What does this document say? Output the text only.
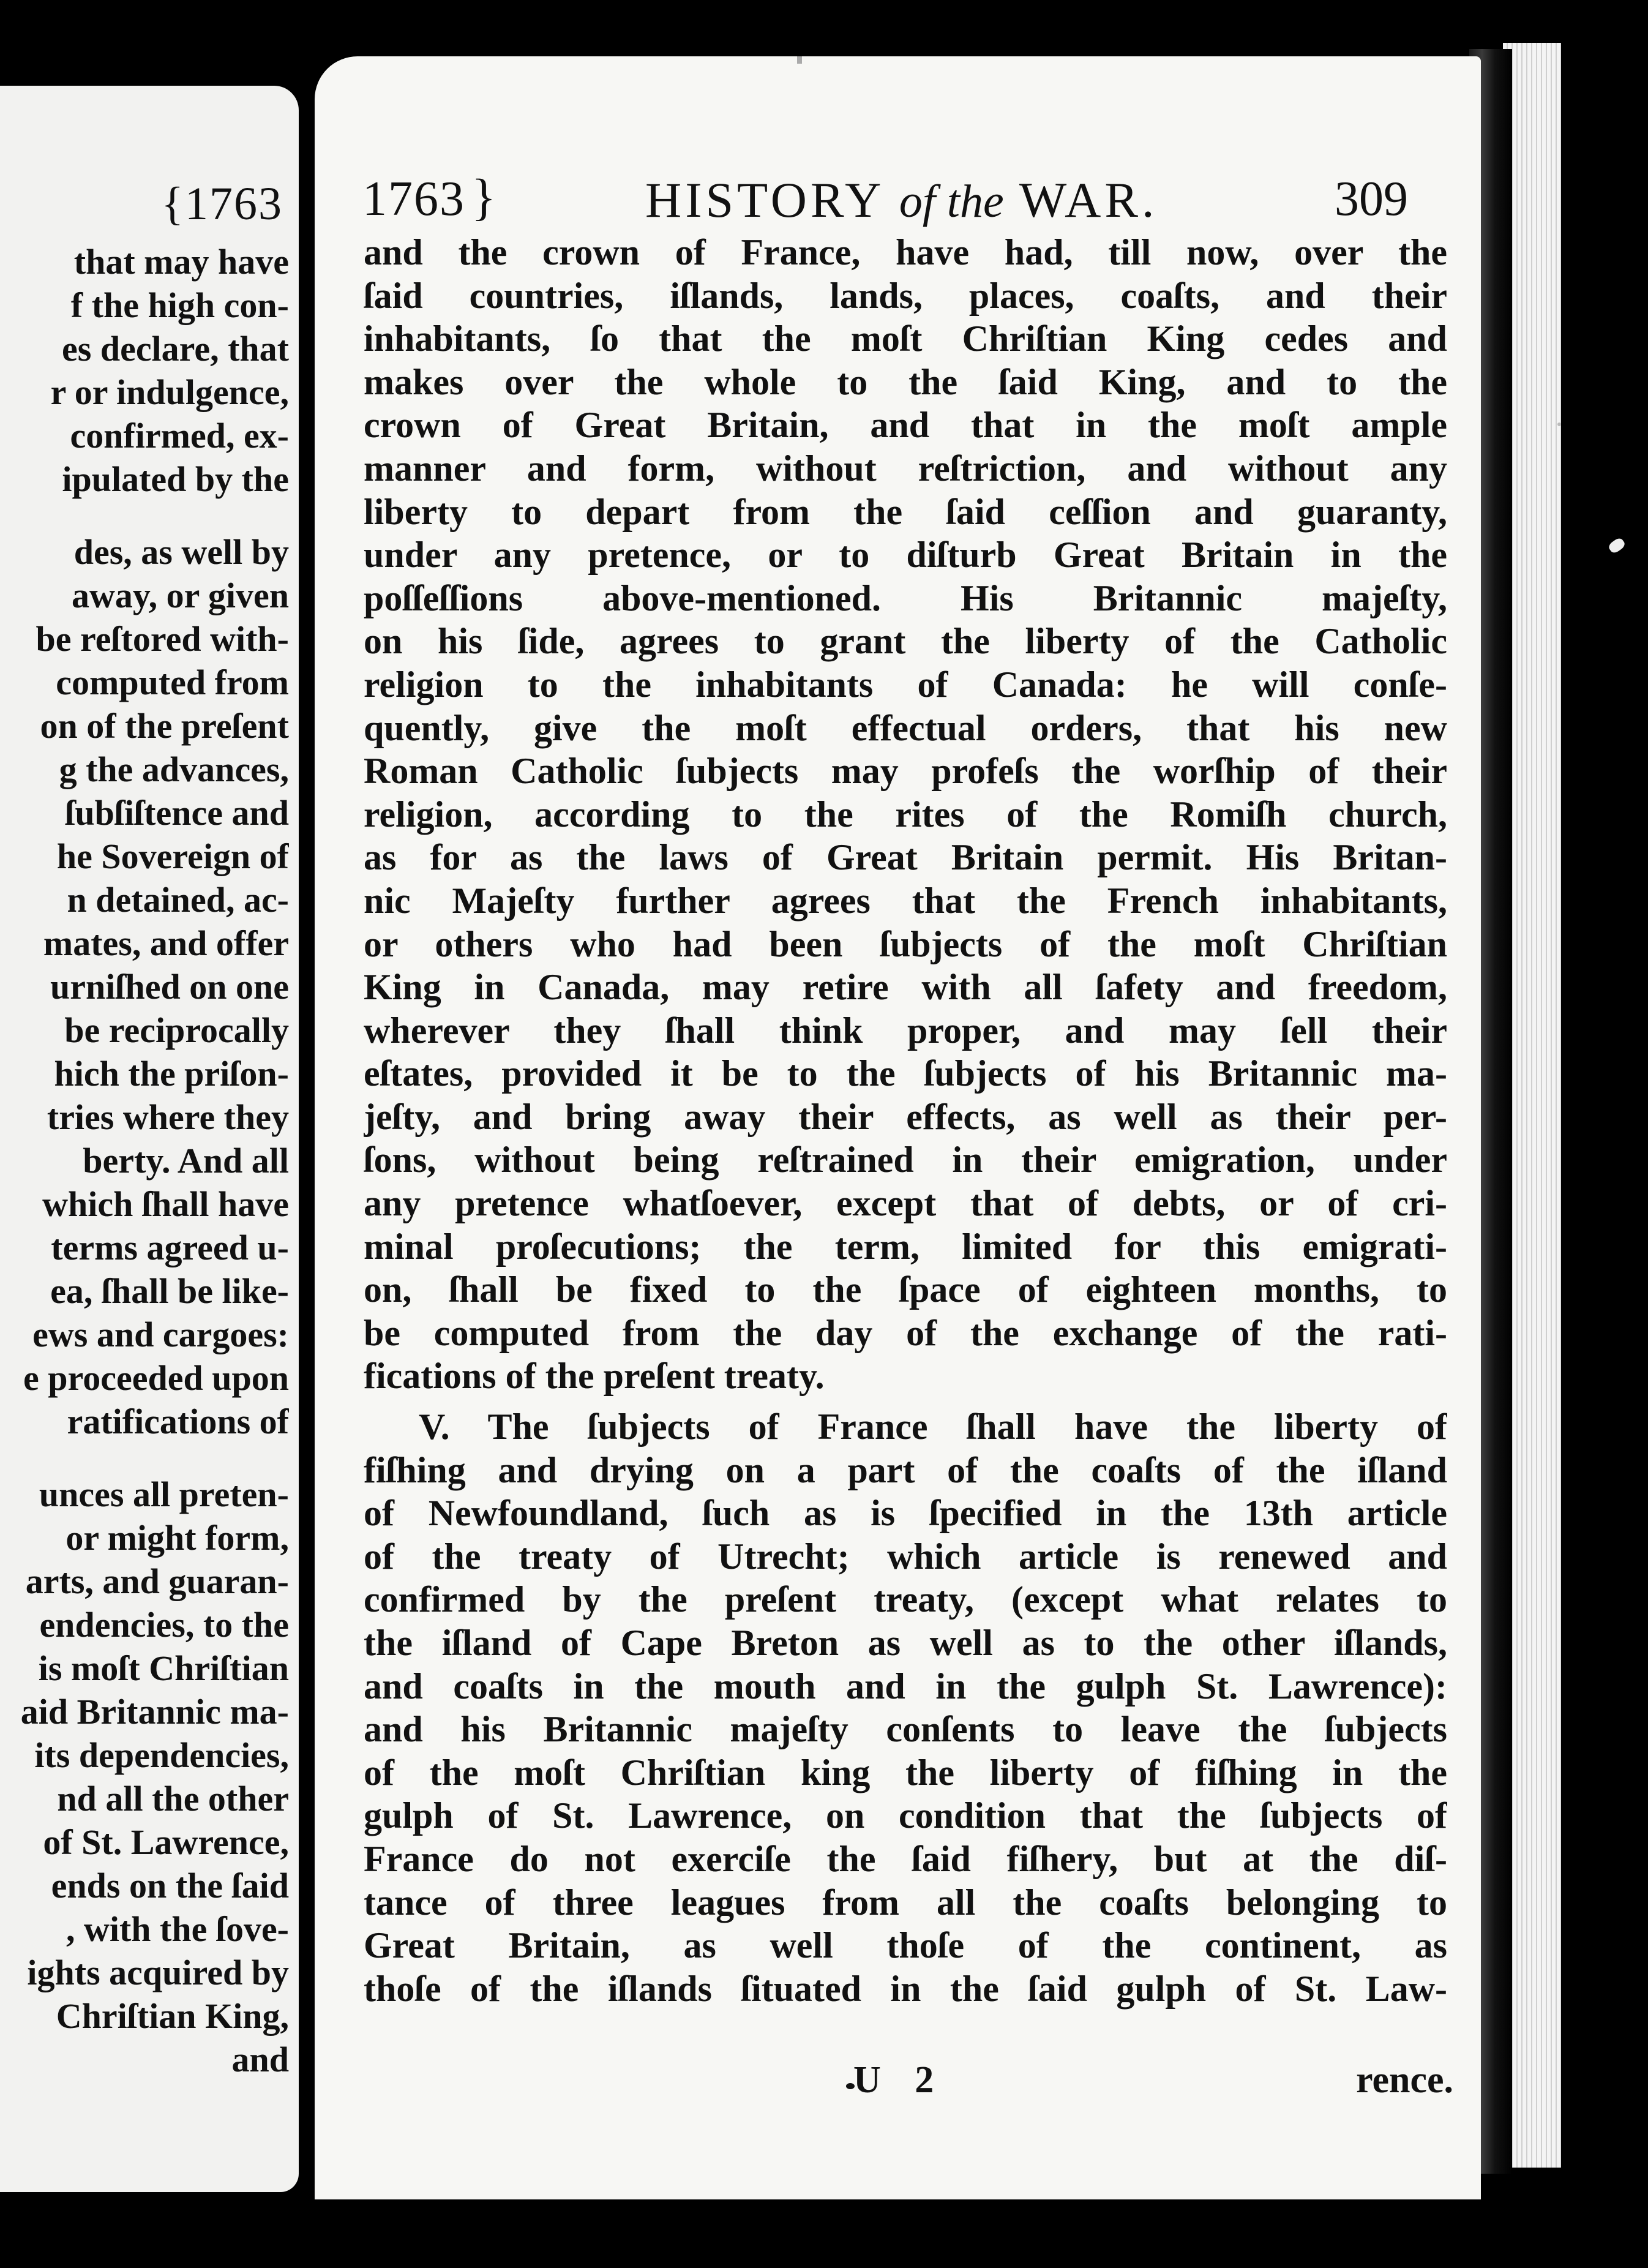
{1763
that may have
f the high con-
es declare, that
r or indulgence,
confirmed, ex-
ipulated by the
des, as well by
away, or given
be reſtored with-
computed from
on of the preſent
g the advances,
ſubſiſtence and
he Sovereign of
n detained, ac-
mates, and offer
urniſhed on one
be reciprocally
hich the priſon-
tries where they
berty. And all
which ſhall have
terms agreed u-
ea, ſhall be like-
ews and cargoes:
e proceeded upon
ratifications of
unces all preten-
or might form,
arts, and guaran-
endencies, to the
is moſt Chriſtian
aid Britannic ma-
its dependencies,
nd all the other
of St. Lawrence,
ends on the ſaid
, with the ſove-
ights acquired by
Chriſtian King,
and
1763 }	HISTORY of the WAR.	309
and the crown of France, have had, till now, over the
ſaid countries, iſlands, lands, places, coaſts, and their
inhabitants, ſo that the moſt Chriſtian King cedes and
makes over the whole to the ſaid King, and to the
crown of Great Britain, and that in the moſt ample
manner and form, without reſtriction, and without any
liberty to depart from the ſaid ceſſion and guaranty,
under any pretence, or to diſturb Great Britain in the
poſſeſſions above-mentioned. His Britannic majeſty,
on his ſide, agrees to grant the liberty of the Catholic
religion to the inhabitants of Canada: he will conſe-
quently, give the moſt effectual orders, that his new
Roman Catholic ſubjects may profeſs the worſhip of their
religion, according to the rites of the Romiſh church,
as for as the laws of Great Britain permit. His Britan-
nic Majeſty further agrees that the French inhabitants,
or others who had been ſubjects of the moſt Chriſtian
King in Canada, may retire with all ſafety and freedom,
wherever they ſhall think proper, and may ſell their
eſtates, provided it be to the ſubjects of his Britannic ma-
jeſty, and bring away their effects, as well as their per-
ſons, without being reſtrained in their emigration, under
any pretence whatſoever, except that of debts, or of cri-
minal proſecutions; the term, limited for this emigrati-
on, ſhall be fixed to the ſpace of eighteen months, to
be computed from the day of the exchange of the rati-
fications of the preſent treaty.
V. The ſubjects of France ſhall have the liberty of
fiſhing and drying on a part of the coaſts of the iſland
of Newfoundland, ſuch as is ſpecified in the 13th article
of the treaty of Utrecht; which article is renewed and
confirmed by the preſent treaty, (except what relates to
the iſland of Cape Breton as well as to the other iſlands,
and coaſts in the mouth and in the gulph St. Lawrence):
and his Britannic majeſty conſents to leave the ſubjects
of the moſt Chriſtian king the liberty of fiſhing in the
gulph of St. Lawrence, on condition that the ſubjects of
France do not exerciſe the ſaid fiſhery, but at the diſ-
tance of three leagues from all the coaſts belonging to
Great Britain, as well thoſe of the continent, as
thoſe of the iſlands ſituated in the ſaid gulph of St. Law-
U 2	rence.
